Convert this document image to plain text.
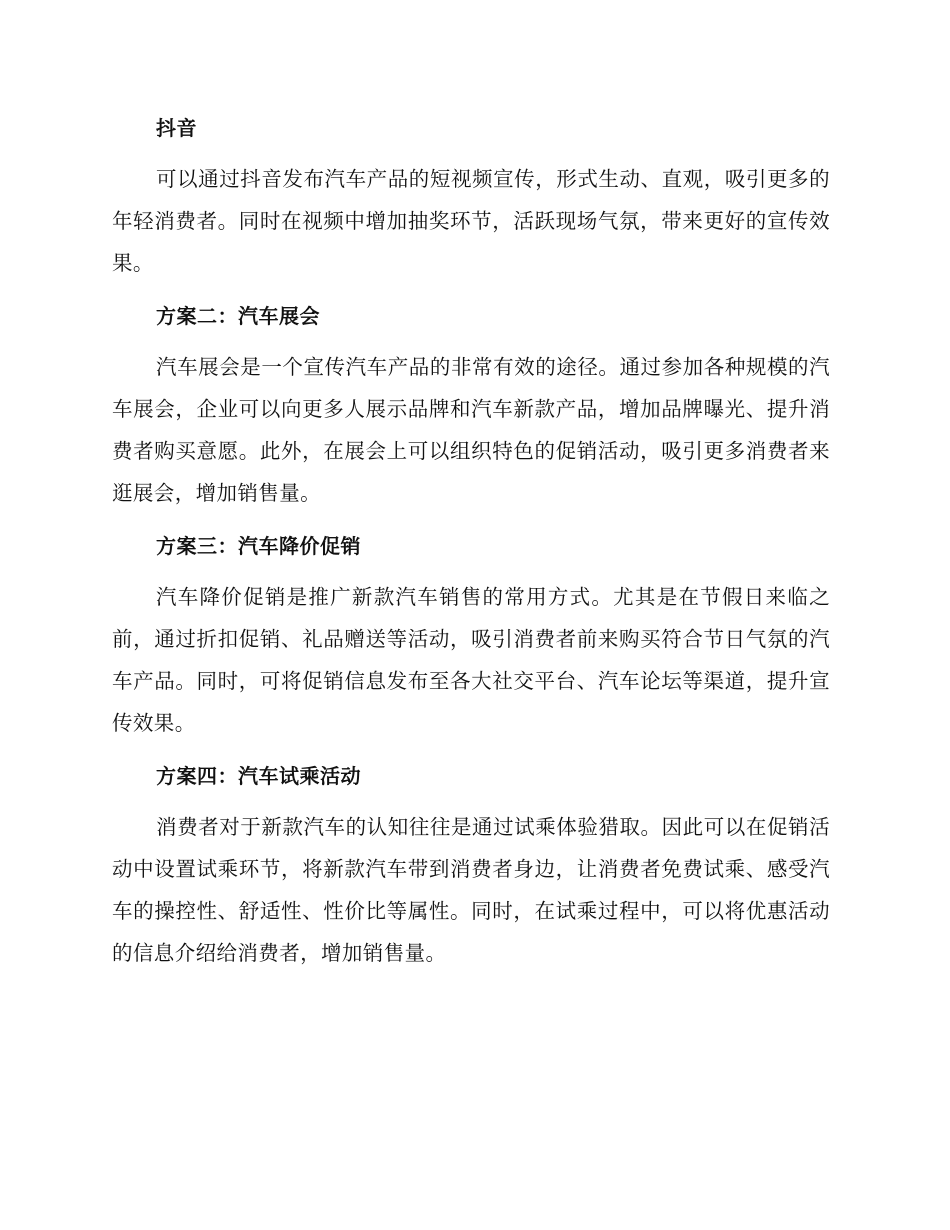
抖音

可以通过抖音发布汽车产品的短视频宣传，形式生动、直观，吸引更多的年轻消费者。同时在视频中增加抽奖环节，活跃现场气氛，带来更好的宣传效果。

方案二：汽车展会

汽车展会是一个宣传汽车产品的非常有效的途径。通过参加各种规模的汽车展会，企业可以向更多人展示品牌和汽车新款产品，增加品牌曝光、提升消费者购买意愿。此外，在展会上可以组织特色的促销活动，吸引更多消费者来逛展会，增加销售量。

方案三：汽车降价促销

汽车降价促销是推广新款汽车销售的常用方式。尤其是在节假日来临之前，通过折扣促销、礼品赠送等活动，吸引消费者前来购买符合节日气氛的汽车产品。同时，可将促销信息发布至各大社交平台、汽车论坛等渠道，提升宣传效果。

方案四：汽车试乘活动

消费者对于新款汽车的认知往往是通过试乘体验猎取。因此可以在促销活动中设置试乘环节，将新款汽车带到消费者身边，让消费者免费试乘、感受汽车的操控性、舒适性、性价比等属性。同时，在试乘过程中，可以将优惠活动的信息介绍给消费者，增加销售量。
